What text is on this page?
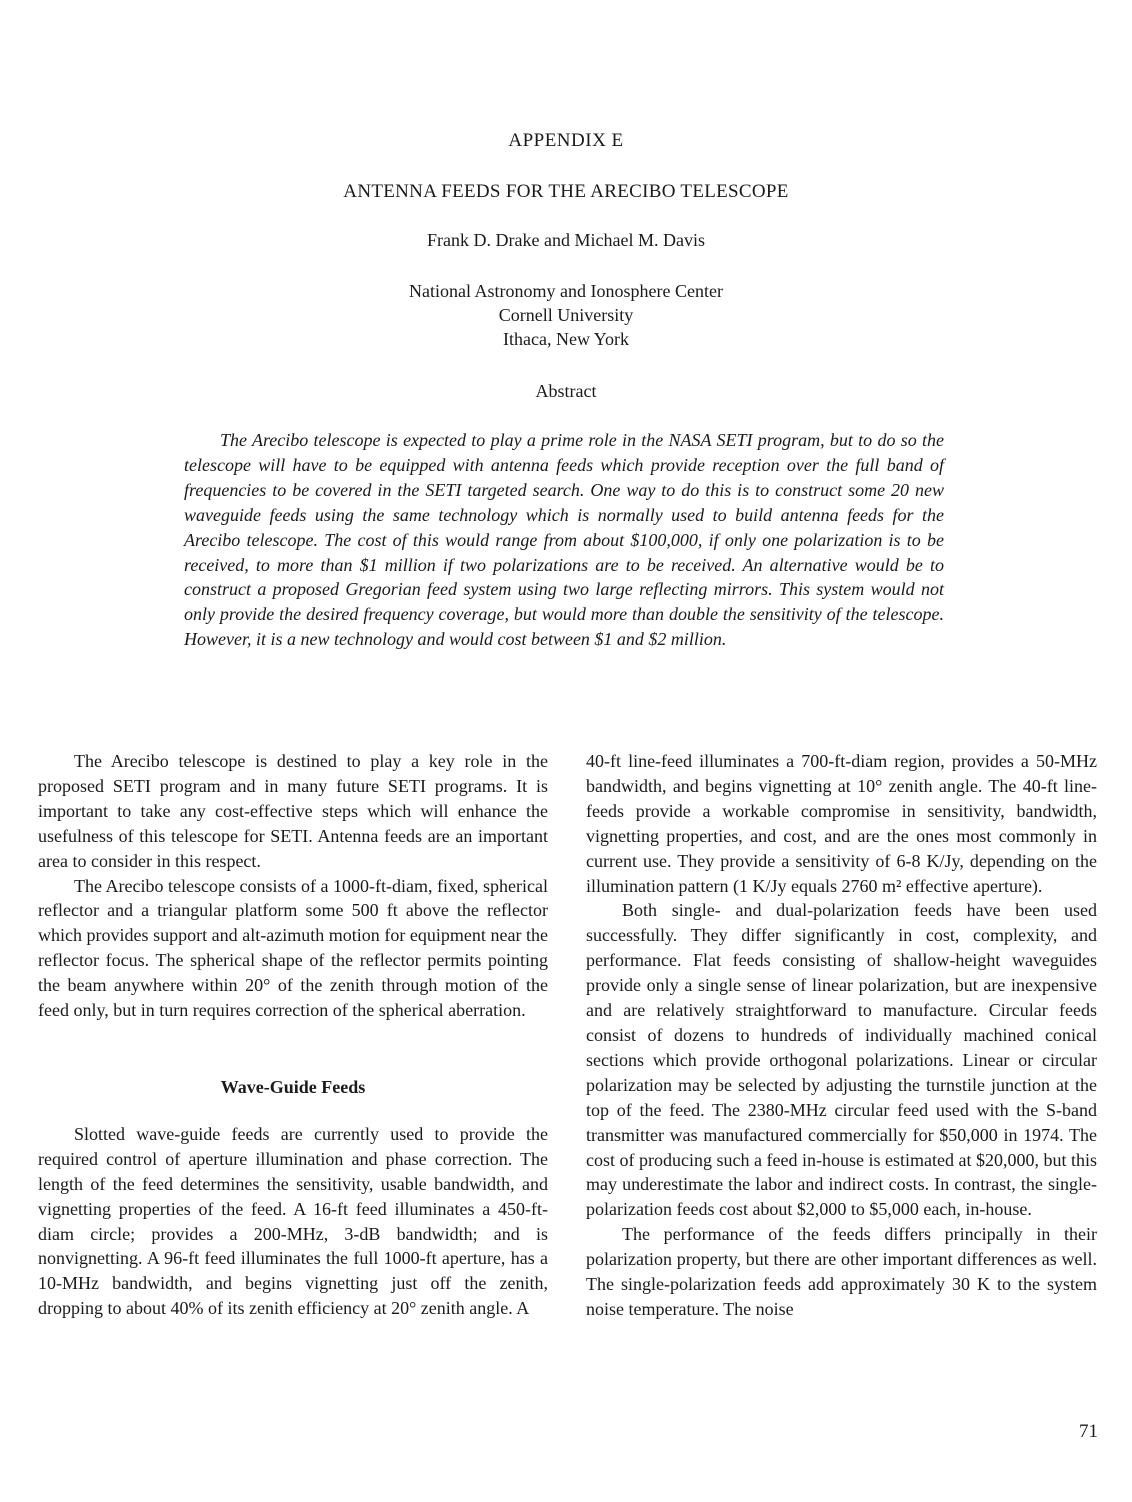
APPENDIX E
ANTENNA FEEDS FOR THE ARECIBO TELESCOPE
Frank D. Drake and Michael M. Davis
National Astronomy and Ionosphere Center
Cornell University
Ithaca, New York
Abstract

The Arecibo telescope is expected to play a prime role in the NASA SETI program, but to do so the telescope will have to be equipped with antenna feeds which provide reception over the full band of frequencies to be covered in the SETI targeted search. One way to do this is to construct some 20 new waveguide feeds using the same technology which is normally used to build antenna feeds for the Arecibo telescope. The cost of this would range from about $100,000, if only one polarization is to be received, to more than $1 million if two polarizations are to be received. An alternative would be to construct a proposed Gregorian feed system using two large reflecting mirrors. This system would not only provide the desired frequency coverage, but would more than double the sensitivity of the telescope. However, it is a new technology and would cost between $1 and $2 million.

The Arecibo telescope is destined to play a key role in the proposed SETI program and in many future SETI programs. It is important to take any cost-effective steps which will enhance the usefulness of this telescope for SETI. Antenna feeds are an important area to consider in this respect.

The Arecibo telescope consists of a 1000-ft-diam, fixed, spherical reflector and a triangular platform some 500 ft above the reflector which provides support and alt-azimuth motion for equipment near the reflector focus. The spherical shape of the reflector permits pointing the beam anywhere within 20° of the zenith through motion of the feed only, but in turn requires correction of the spherical aberration.

Wave-Guide Feeds

Slotted wave-guide feeds are currently used to provide the required control of aperture illumination and phase correction. The length of the feed determines the sensitivity, usable bandwidth, and vignetting properties of the feed. A 16-ft feed illuminates a 450-ft-diam circle; provides a 200-MHz, 3-dB bandwidth; and is nonvignetting. A 96-ft feed illuminates the full 1000-ft aperture, has a 10-MHz bandwidth, and begins vignetting just off the zenith, dropping to about 40% of its zenith efficiency at 20° zenith angle. A

40-ft line-feed illuminates a 700-ft-diam region, provides a 50-MHz bandwidth, and begins vignetting at 10° zenith angle. The 40-ft line-feeds provide a workable compromise in sensitivity, bandwidth, vignetting properties, and cost, and are the ones most commonly in current use. They provide a sensitivity of 6-8 K/Jy, depending on the illumination pattern (1 K/Jy equals 2760 m² effective aperture).

Both single- and dual-polarization feeds have been used successfully. They differ significantly in cost, complexity, and performance. Flat feeds consisting of shallow-height waveguides provide only a single sense of linear polarization, but are inexpensive and are relatively straightforward to manufacture. Circular feeds consist of dozens to hundreds of individually machined conical sections which provide orthogonal polarizations. Linear or circular polarization may be selected by adjusting the turnstile junction at the top of the feed. The 2380-MHz circular feed used with the S-band transmitter was manufactured commercially for $50,000 in 1974. The cost of producing such a feed in-house is estimated at $20,000, but this may underestimate the labor and indirect costs. In contrast, the single-polarization feeds cost about $2,000 to $5,000 each, in-house.

The performance of the feeds differs principally in their polarization property, but there are other important differences as well. The single-polarization feeds add approximately 30 K to the system noise temperature. The noise

71
